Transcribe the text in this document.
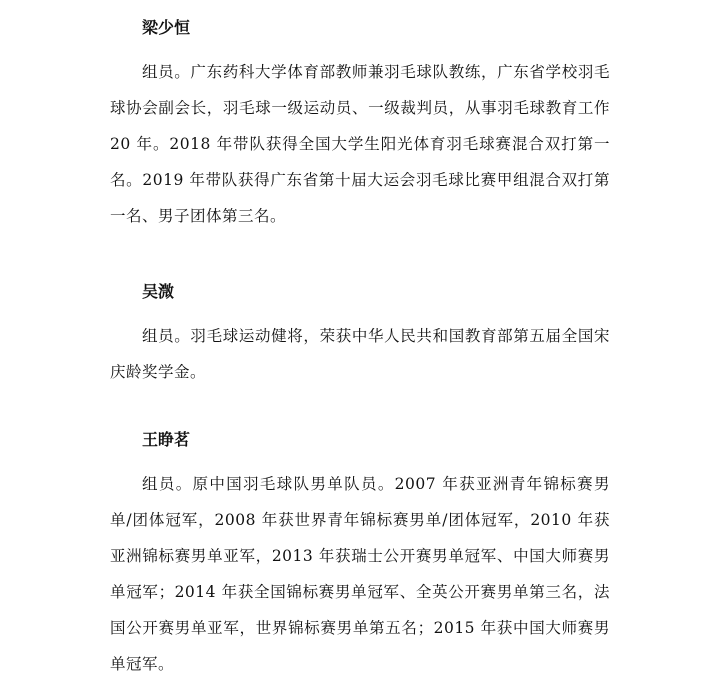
梁少恒

组员。广东药科大学体育部教师兼羽毛球队教练，广东省学校羽毛球协会副会长，羽毛球一级运动员、一级裁判员，从事羽毛球教育工作 20 年。2018 年带队获得全国大学生阳光体育羽毛球赛混合双打第一名。2019 年带队获得广东省第十届大运会羽毛球比赛甲组混合双打第一名、男子团体第三名。

吴溦

组员。羽毛球运动健将，荣获中华人民共和国教育部第五届全国宋庆龄奖学金。

王睁茗

组员。原中国羽毛球队男单队员。2007 年获亚洲青年锦标赛男单/团体冠军，2008 年获世界青年锦标赛男单/团体冠军，2010 年获亚洲锦标赛男单亚军，2013 年获瑞士公开赛男单冠军、中国大师赛男单冠军；2014 年获全国锦标赛男单冠军、全英公开赛男单第三名，法国公开赛男单亚军，世界锦标赛男单第五名；2015 年获中国大师赛男单冠军。
